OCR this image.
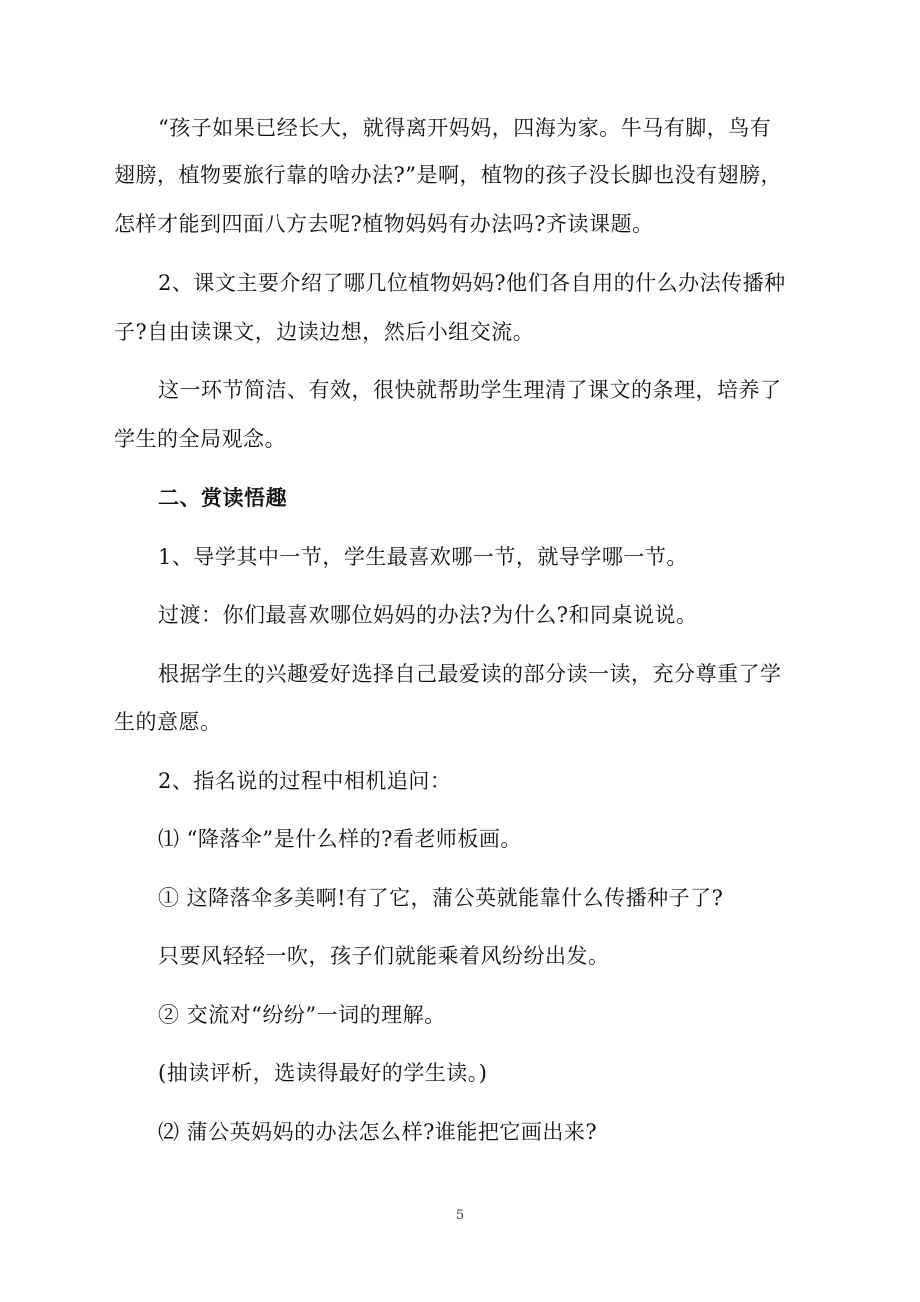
“孩子如果已经长大，就得离开妈妈，四海为家。牛马有脚，鸟有
翅膀，植物要旅行靠的啥办法?”是啊，植物的孩子没长脚也没有翅膀，
怎样才能到四面八方去呢?植物妈妈有办法吗?齐读课题。
2、课文主要介绍了哪几位植物妈妈?他们各自用的什么办法传播种
子?自由读课文，边读边想，然后小组交流。
这一环节简洁、有效，很快就帮助学生理清了课文的条理，培养了
学生的全局观念。
二、赏读悟趣
1、导学其中一节，学生最喜欢哪一节，就导学哪一节。
过渡：你们最喜欢哪位妈妈的办法?为什么?和同桌说说。
根据学生的兴趣爱好选择自己最爱读的部分读一读，充分尊重了学
生的意愿。
2、指名说的过程中相机追问：
⑴ “降落伞”是什么样的?看老师板画。
① 这降落伞多美啊!有了它，蒲公英就能靠什么传播种子了?
只要风轻轻一吹，孩子们就能乘着风纷纷出发。
② 交流对“纷纷”一词的理解。
(抽读评析，选读得最好的学生读。)
⑵ 蒲公英妈妈的办法怎么样?谁能把它画出来?
5
